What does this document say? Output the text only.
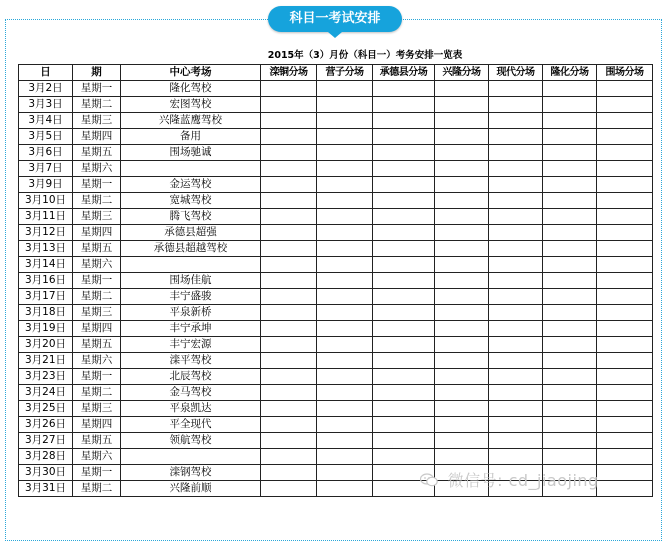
科目一考试安排
2015年（3）月份（科目一）考务安排一览表
日	期	中心考场	滦铜分场	营子分场	承德县分场	兴隆分场	现代分场	隆化分场	围场分场
3月2日	星期一	隆化驾校							
3月3日	星期二	宏图驾校							
3月4日	星期三	兴隆蓝鹰驾校							
3月5日	星期四	备用							
3月6日	星期五	围场驰诚							
3月7日	星期六								
3月9日	星期一	金运驾校							
3月10日	星期二	宽城驾校							
3月11日	星期三	腾飞驾校							
3月12日	星期四	承德县超强							
3月13日	星期五	承德县超越驾校							
3月14日	星期六								
3月16日	星期一	围场佳航							
3月17日	星期二	丰宁盛骏							
3月18日	星期三	平泉新桥							
3月19日	星期四	丰宁承坤							
3月20日	星期五	丰宁宏源							
3月21日	星期六	滦平驾校							
3月23日	星期一	北辰驾校							
3月24日	星期二	金马驾校							
3月25日	星期三	平泉凯达							
3月26日	星期四	平全现代							
3月27日	星期五	领航驾校							
3月28日	星期六								
3月30日	星期一	滦钢驾校							
3月31日	星期二	兴隆前顺								微信号: cd_jiaojing
